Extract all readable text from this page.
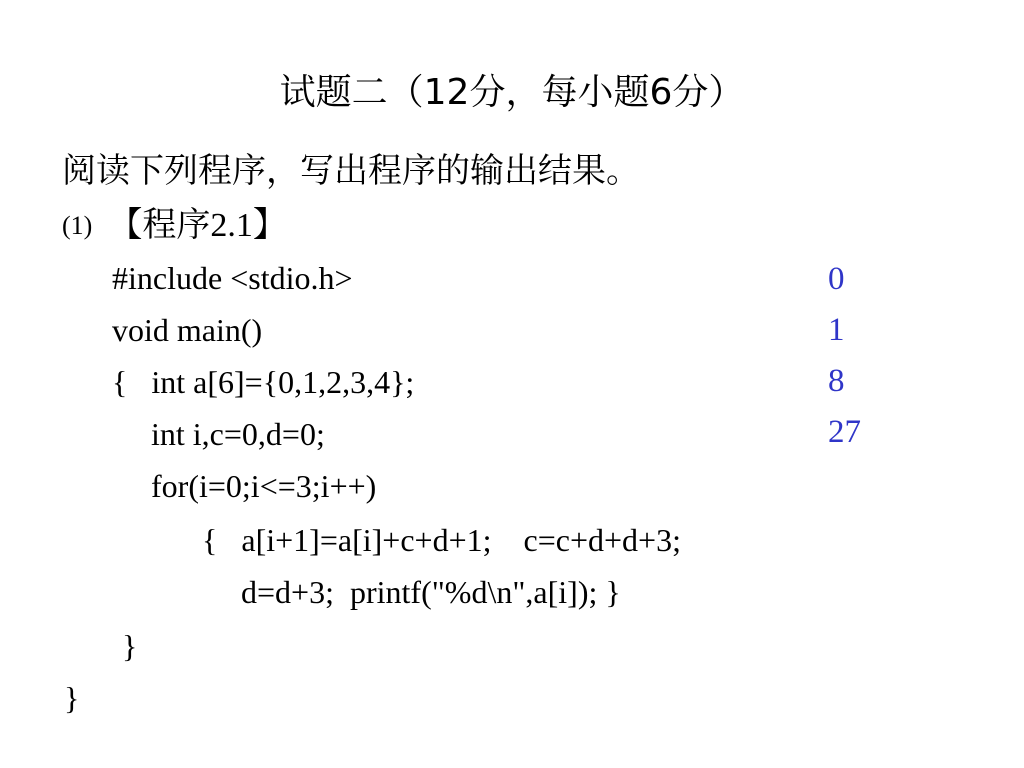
试题二（12分，每小题6分）
阅读下列程序，写出程序的输出结果。
(1) 【程序2.1】
#include <stdio.h>
void main()
{   int a[6]={0,1,2,3,4};
int i,c=0,d=0;
for(i=0;i<=3;i++)
{   a[i+1]=a[i]+c+d+1;    c=c+d+d+3;
d=d+3;  printf("%d\n",a[i]); }
}
}
0
1
8
27
